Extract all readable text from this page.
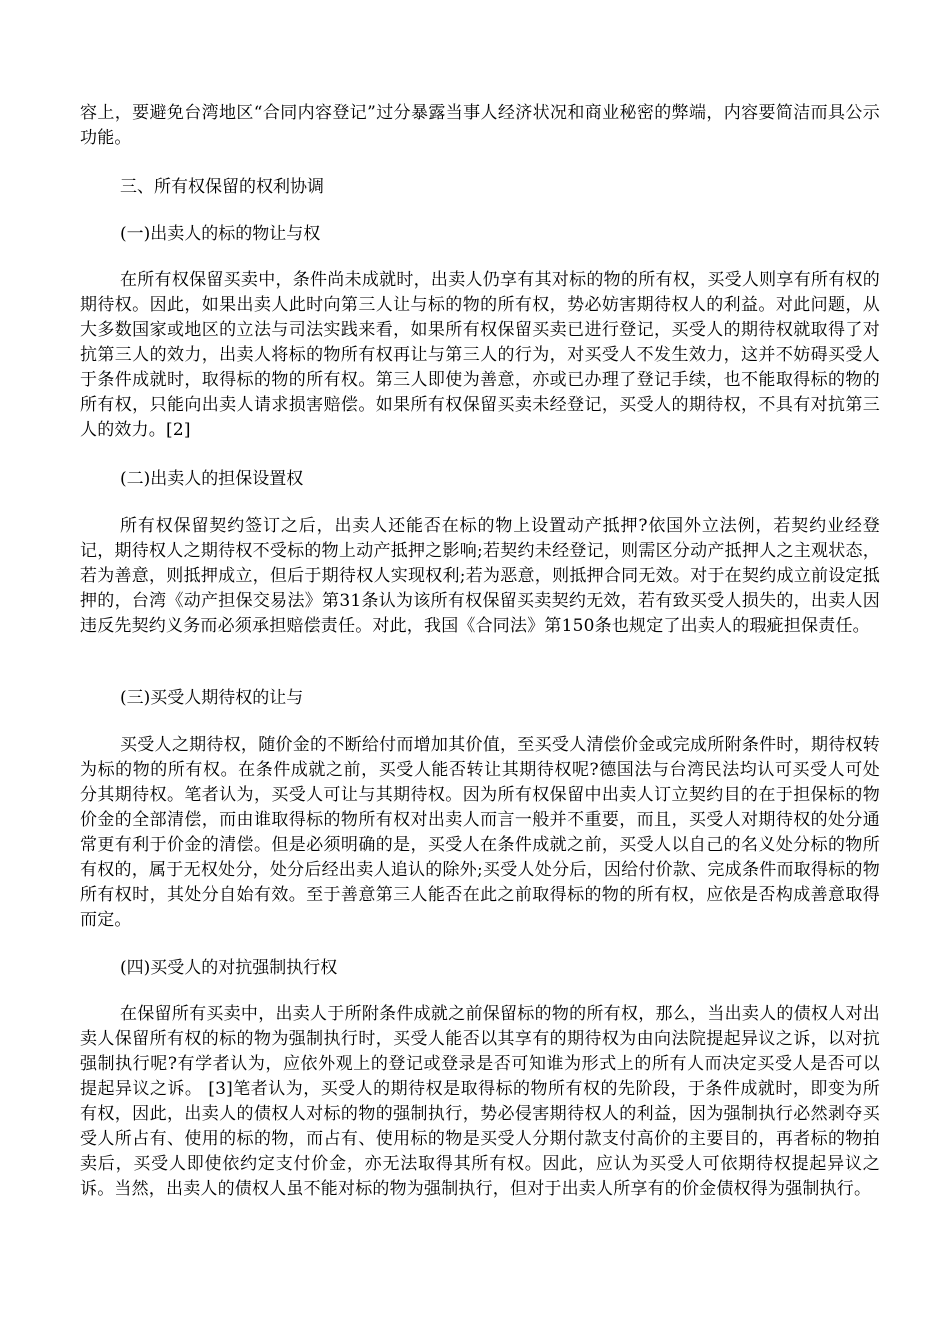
容上，要避免台湾地区“合同内容登记”过分暴露当事人经济状况和商业秘密的弊端，内容要简洁而具公示功能。
三、所有权保留的权利协调
(一)出卖人的标的物让与权
在所有权保留买卖中，条件尚未成就时，出卖人仍享有其对标的物的所有权，买受人则享有所有权的期待权。因此，如果出卖人此时向第三人让与标的物的所有权，势必妨害期待权人的利益。对此问题，从大多数国家或地区的立法与司法实践来看，如果所有权保留买卖已进行登记，买受人的期待权就取得了对抗第三人的效力，出卖人将标的物所有权再让与第三人的行为，对买受人不发生效力，这并不妨碍买受人于条件成就时，取得标的物的所有权。第三人即使为善意，亦或已办理了登记手续，也不能取得标的物的所有权，只能向出卖人请求损害赔偿。如果所有权保留买卖未经登记，买受人的期待权，不具有对抗第三人的效力。[2]
(二)出卖人的担保设置权
所有权保留契约签订之后，出卖人还能否在标的物上设置动产抵押?依国外立法例，若契约业经登记，期待权人之期待权不受标的物上动产抵押之影响;若契约未经登记，则需区分动产抵押人之主观状态，若为善意，则抵押成立，但后于期待权人实现权利;若为恶意，则抵押合同无效。对于在契约成立前设定抵押的，台湾《动产担保交易法》第31条认为该所有权保留买卖契约无效，若有致买受人损失的，出卖人因违反先契约义务而必须承担赔偿责任。对此，我国《合同法》第150条也规定了出卖人的瑕疵担保责任。
(三)买受人期待权的让与
买受人之期待权，随价金的不断给付而增加其价值，至买受人清偿价金或完成所附条件时，期待权转为标的物的所有权。在条件成就之前，买受人能否转让其期待权呢?德国法与台湾民法均认可买受人可处分其期待权。笔者认为，买受人可让与其期待权。因为所有权保留中出卖人订立契约目的在于担保标的物价金的全部清偿，而由谁取得标的物所有权对出卖人而言一般并不重要，而且，买受人对期待权的处分通常更有利于价金的清偿。但是必须明确的是，买受人在条件成就之前，买受人以自己的名义处分标的物所有权的，属于无权处分，处分后经出卖人追认的除外;买受人处分后，因给付价款、完成条件而取得标的物所有权时，其处分自始有效。至于善意第三人能否在此之前取得标的物的所有权，应依是否构成善意取得而定。
(四)买受人的对抗强制执行权
在保留所有买卖中，出卖人于所附条件成就之前保留标的物的所有权，那么，当出卖人的债权人对出卖人保留所有权的标的物为强制执行时，买受人能否以其享有的期待权为由向法院提起异议之诉，以对抗强制执行呢?有学者认为，应依外观上的登记或登录是否可知谁为形式上的所有人而决定买受人是否可以提起异议之诉。 [3]笔者认为，买受人的期待权是取得标的物所有权的先阶段，于条件成就时，即变为所有权，因此，出卖人的债权人对标的物的强制执行，势必侵害期待权人的利益，因为强制执行必然剥夺买受人所占有、使用的标的物，而占有、使用标的物是买受人分期付款支付高价的主要目的，再者标的物拍卖后，买受人即使依约定支付价金，亦无法取得其所有权。因此，应认为买受人可依期待权提起异议之诉。当然，出卖人的债权人虽不能对标的物为强制执行，但对于出卖人所享有的价金债权得为强制执行。
